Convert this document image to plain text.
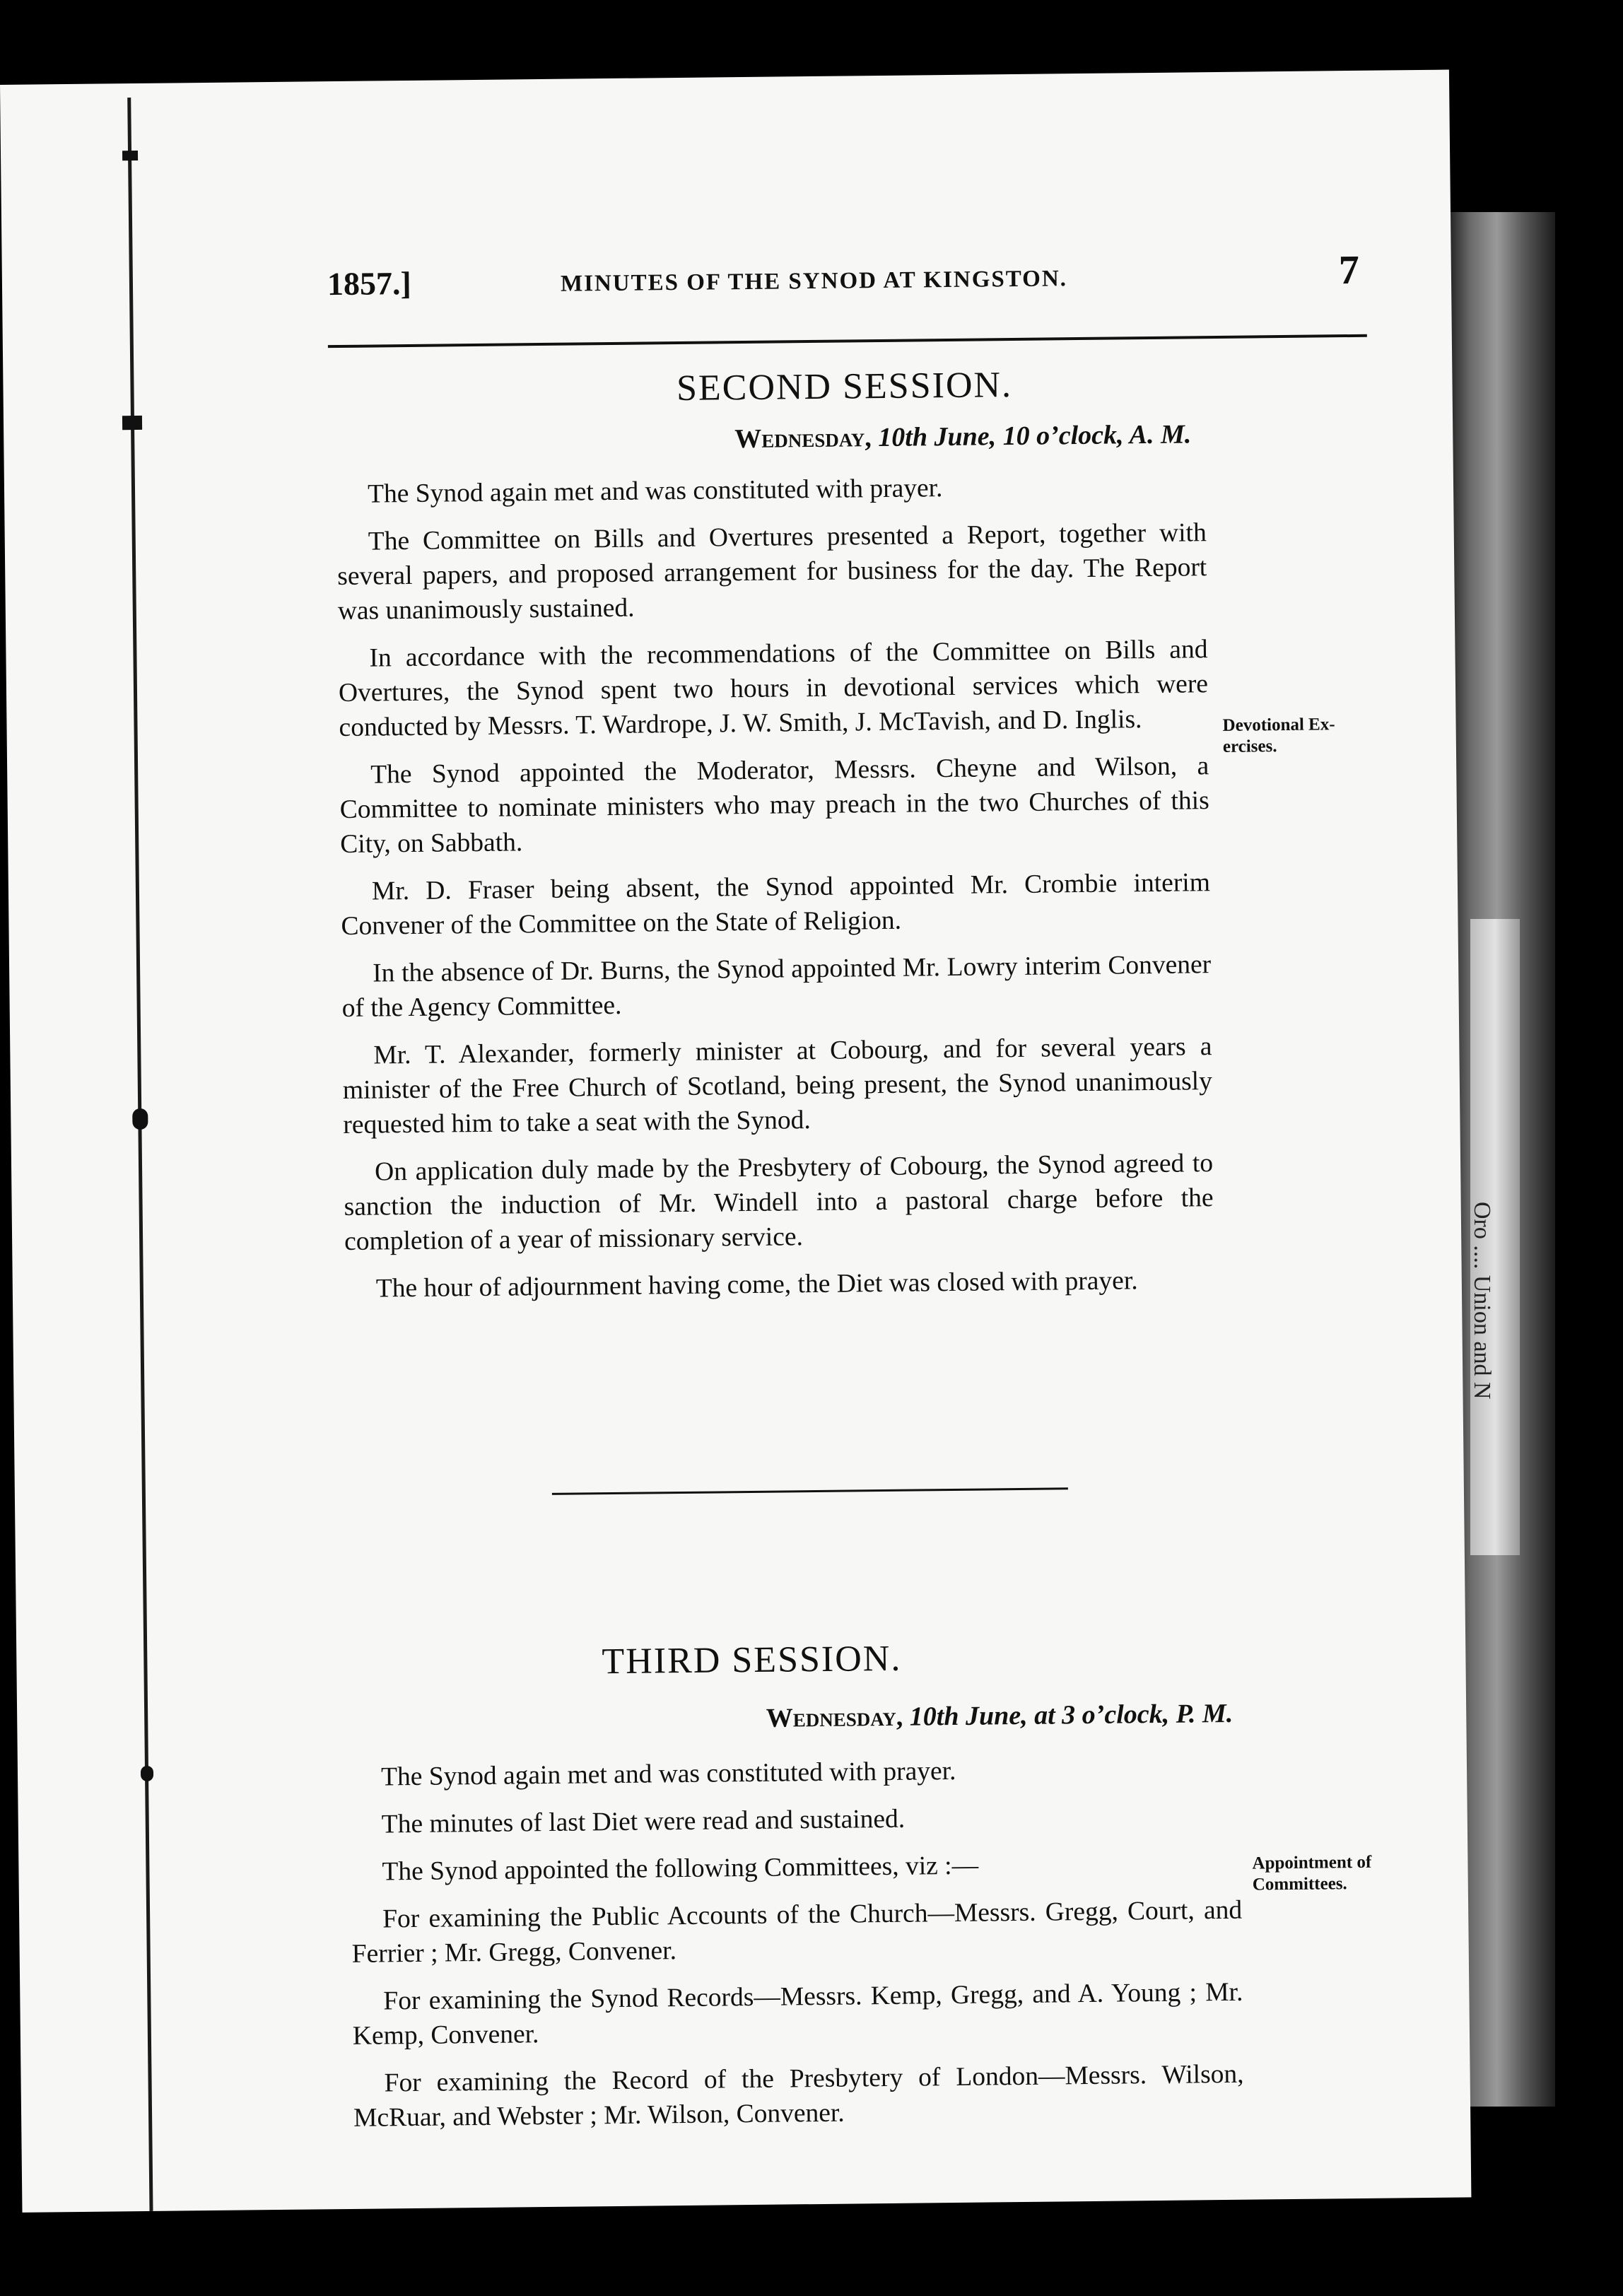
Oro .... Union and N
1857.]	MINUTES OF THE SYNOD AT KINGSTON.	7
SECOND SESSION.
Wednesday, 10th June, 10 o’clock, A. M.

The Synod again met and was constituted with prayer.

The Committee on Bills and Overtures presented a Report, together with several papers, and proposed arrangement for business for the day. The Report was unanimously sustained.

In accordance with the recommendations of the Committee on Bills and Overtures, the Synod spent two hours in devotional services which were conducted by Messrs. T. Wardrope, J. W. Smith, J. McTavish, and D. Inglis.

The Synod appointed the Moderator, Messrs. Cheyne and Wilson, a Committee to nominate ministers who may preach in the two Churches of this City, on Sabbath.

Mr. D. Fraser being absent, the Synod appointed Mr. Crombie interim Convener of the Committee on the State of Religion.

In the absence of Dr. Burns, the Synod appointed Mr. Lowry interim Convener of the Agency Committee.

Mr. T. Alexander, formerly minister at Cobourg, and for several years a minister of the Free Church of Scotland, being present, the Synod unanimously requested him to take a seat with the Synod.

On application duly made by the Presbytery of Cobourg, the Synod agreed to sanction the induction of Mr. Windell into a pastoral charge before the completion of a year of missionary service.

The hour of adjournment having come, the Diet was closed with prayer.

Devotional Ex-
ercises.
THIRD SESSION.
Wednesday, 10th June, at 3 o’clock, P. M.

The Synod again met and was constituted with prayer.

The minutes of last Diet were read and sustained.

The Synod appointed the following Committees, viz :—

For examining the Public Accounts of the Church—Messrs. Gregg, Court, and Ferrier ; Mr. Gregg, Convener.

For examining the Synod Records—Messrs. Kemp, Gregg, and A. Young ; Mr. Kemp, Convener.

For examining the Record of the Presbytery of London—Messrs. Wilson, McRuar, and Webster ; Mr. Wilson, Convener.

Appointment of
Committees.
